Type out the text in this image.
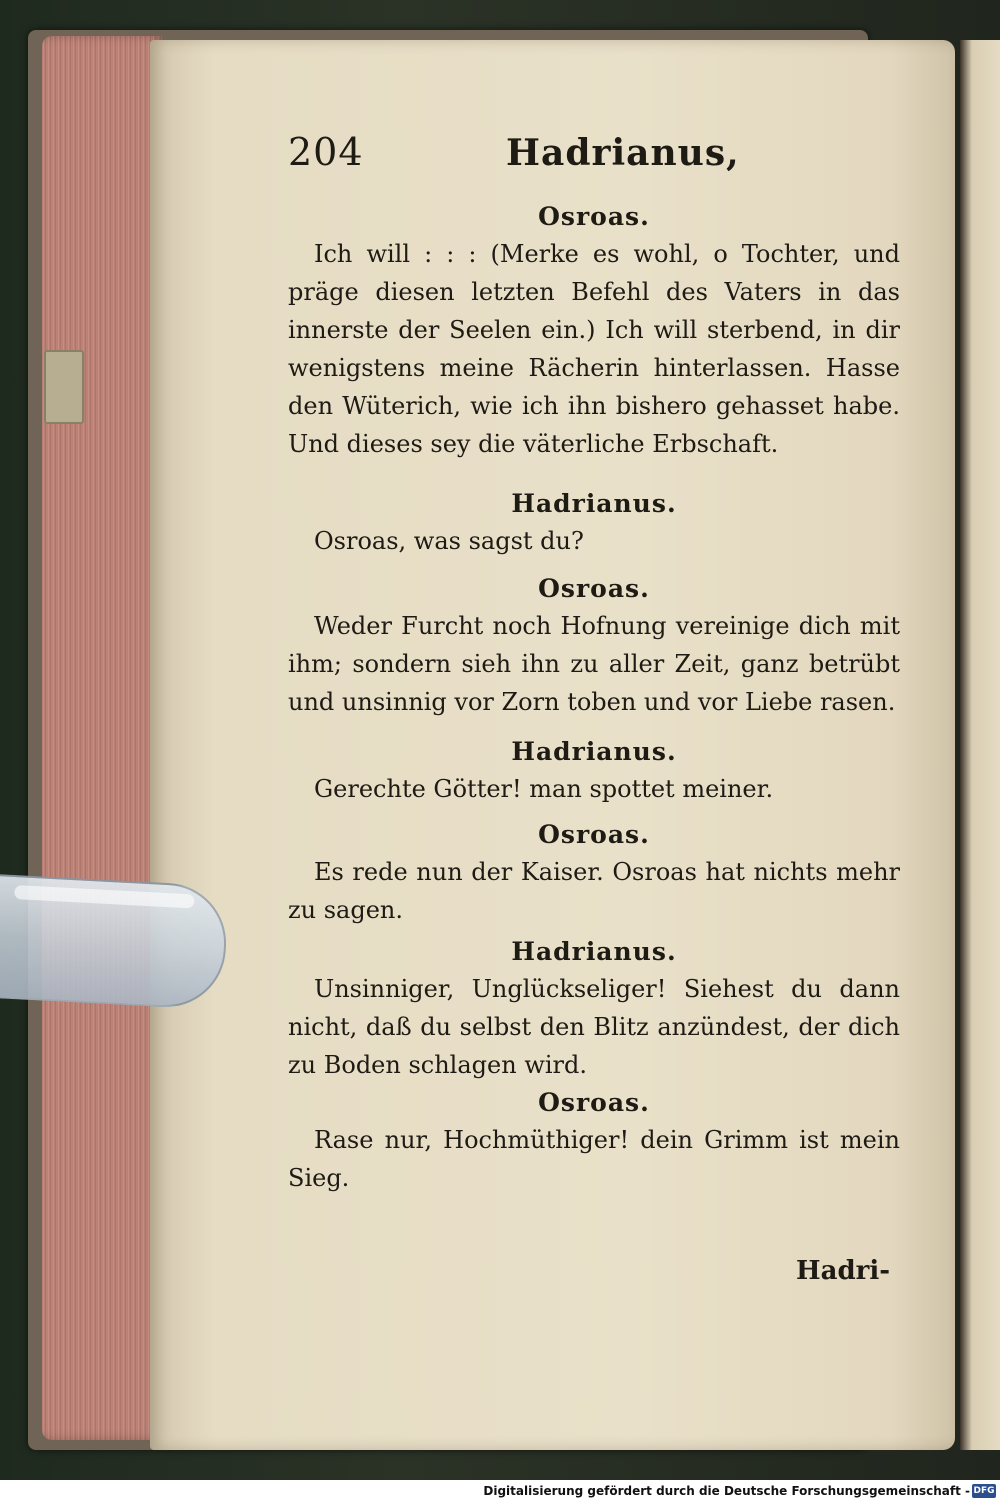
204	Hadrianus,
Osroas.

Ich will : : : (Merke es wohl, o Tochter, und präge diesen letzten Befehl des Vaters in das innerste der Seelen ein.) Ich will sterbend, in dir wenigstens meine Rächerin hinterlassen. Hasse den Wüterich, wie ich ihn bishero gehasset habe. Und dieses sey die väterliche Erbschaft.

Hadrianus.

Osroas, was sagst du?

Osroas.

Weder Furcht noch Hofnung vereinige dich mit ihm; sondern sieh ihn zu aller Zeit, ganz betrübt und unsinnig vor Zorn toben und vor Liebe rasen.

Hadrianus.

Gerechte Götter! man spottet meiner.

Osroas.

Es rede nun der Kaiser. Osroas hat nichts mehr zu sagen.

Hadrianus.

Unsinniger, Unglückseliger! Siehest du dann nicht, daß du selbst den Blitz anzündest, der dich zu Boden schlagen wird.

Osroas.

Rase nur, Hochmüthiger! dein Grimm ist mein Sieg.

Hadri-
Digitalisierung gefördert durch die Deutsche Forschungsgemeinschaft - DFG
